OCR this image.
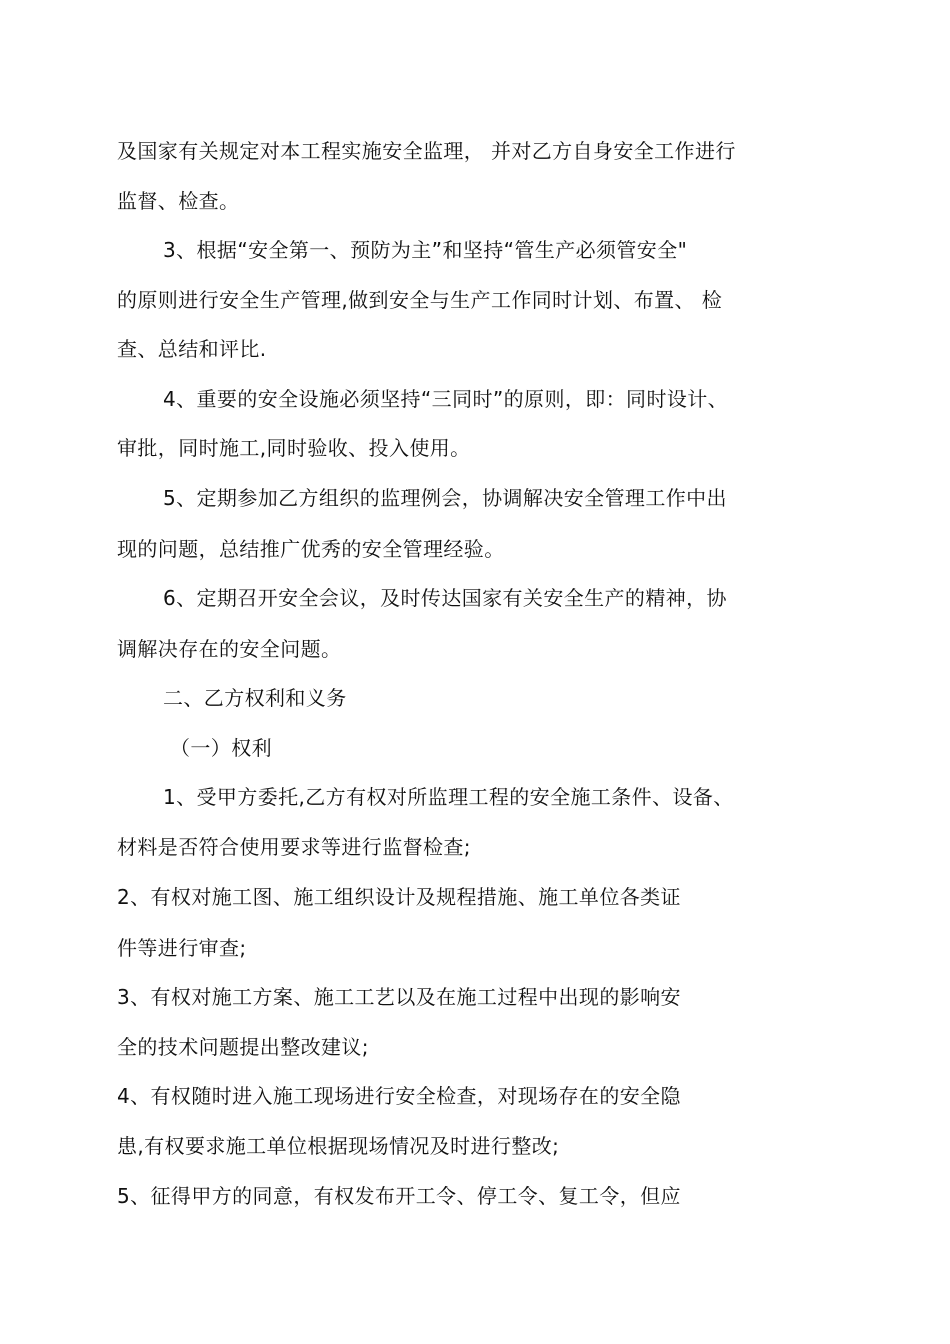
及国家有关规定对本工程实施安全监理， 并对乙方自身安全工作进行
监督、检查。
3、根据“安全第一、预防为主”和坚持“管生产必须管安全"
的原则进行安全生产管理,做到安全与生产工作同时计划、布置、 检
查、总结和评比.
4、重要的安全设施必须坚持“三同时”的原则，即：同时设计、
审批，同时施工,同时验收、投入使用。
5、定期参加乙方组织的监理例会，协调解决安全管理工作中出
现的问题，总结推广优秀的安全管理经验。
6、定期召开安全会议，及时传达国家有关安全生产的精神，协
调解决存在的安全问题。
二、乙方权利和义务
（一）权利
1、受甲方委托,乙方有权对所监理工程的安全施工条件、设备、
材料是否符合使用要求等进行监督检查;
2、有权对施工图、施工组织设计及规程措施、施工单位各类证
件等进行审查;
3、有权对施工方案、施工工艺以及在施工过程中出现的影响安
全的技术问题提出整改建议;
4、有权随时进入施工现场进行安全检查，对现场存在的安全隐
患,有权要求施工单位根据现场情况及时进行整改;
5、征得甲方的同意，有权发布开工令、停工令、复工令，但应
